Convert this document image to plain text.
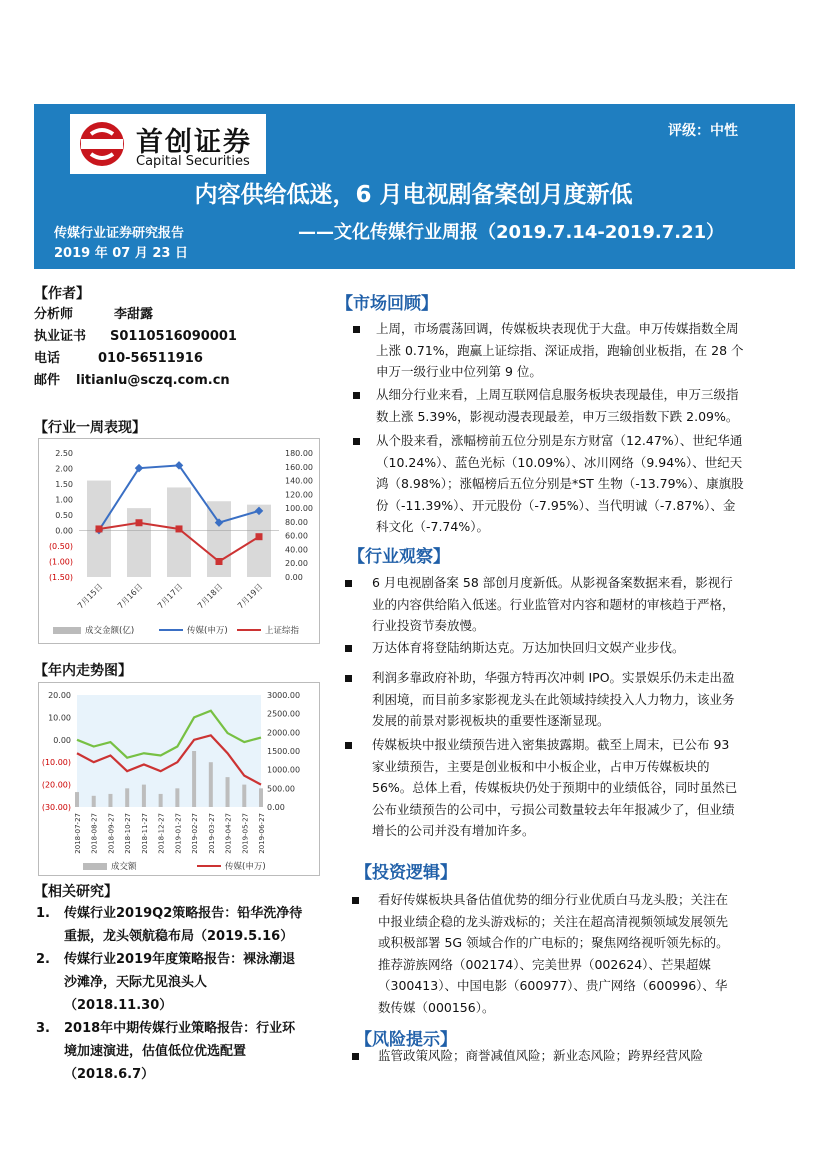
首创证券
Capital Securities
评级：中性
内容供给低迷，6 月电视剧备案创月度新低
传媒行业证券研究报告	——文化传媒行业周报（2019.7.14-2019.7.21）
2019 年 07 月 23 日
【作者】
分析师	李甜露
执业证书 S0110516090001
电话	010-56511916
邮件 litianlu@sczq.com.cn
【行业一周表现】
2.50
2.00
1.50
1.00
0.50
0.00
(0.50)
(1.00)
(1.50)
180.00
160.00
140.00
120.00
100.00
80.00
60.00
40.00
20.00
0.00
7月15日 7月16日 7月17日 7月18日 7月19日
成交金额(亿)	传媒(申万)	上证综指
【年内走势图】
20.00
10.00
0.00
(10.00)
(20.00)
(30.00)
3000.00
2500.00
2000.00
1500.00
1000.00
500.00
0.00
2018-07-27 2018-08-27 2018-09-27 2018-10-27 2018-11-27 2018-12-27 2019-01-27 2019-02-27 2019-03-27 2019-04-27 2019-05-27 2019-06-27
成交额	传媒(申万)
【相关研究】
1. 传媒行业2019Q2策略报告：铅华洗净待
重振，龙头领航稳布局（2019.5.16）
2. 传媒行业2019年度策略报告：裸泳潮退
沙滩净，天际尤见浪头人
（2018.11.30）
3. 2018年中期传媒行业策略报告：行业环
境加速演进，估值低位优选配置
（2018.6.7）
【市场回顾】
上周，市场震荡回调，传媒板块表现优于大盘。申万传媒指数全周
上涨 0.71%，跑赢上证综指、深证成指，跑输创业板指，在 28 个
申万一级行业中位列第 9 位。
从细分行业来看，上周互联网信息服务板块表现最佳，申万三级指
数上涨 5.39%，影视动漫表现最差，申万三级指数下跌 2.09%。
从个股来看，涨幅榜前五位分别是东方财富（12.47%）、世纪华通
（10.24%）、蓝色光标（10.09%）、冰川网络（9.94%）、世纪天
鸿（8.98%）；涨幅榜后五位分别是*ST 生物（-13.79%）、康旗股
份（-11.39%）、开元股份（-7.95%）、当代明诚（-7.87%）、金
科文化（-7.74%）。
【行业观察】
6 月电视剧备案 58 部创月度新低。从影视备案数据来看，影视行
业的内容供给陷入低迷。行业监管对内容和题材的审核趋于严格，
行业投资节奏放慢。
万达体育将登陆纳斯达克。万达加快回归文娱产业步伐。
利润多靠政府补助，华强方特再次冲刺 IPO。实景娱乐仍未走出盈
利困境，而目前多家影视龙头在此领域持续投入人力物力，该业务
发展的前景对影视板块的重要性逐渐显现。
传媒板块中报业绩预告进入密集披露期。截至上周末，已公布 93
家业绩预告，主要是创业板和中小板企业，占申万传媒板块的
56%。总体上看，传媒板块仍处于预期中的业绩低谷，同时虽然已
公布业绩预告的公司中，亏损公司数量较去年年报减少了，但业绩
增长的公司并没有增加许多。
【投资逻辑】
看好传媒板块具备估值优势的细分行业优质白马龙头股；关注在
中报业绩企稳的龙头游戏标的；关注在超高清视频领域发展领先
或积极部署 5G 领域合作的广电标的；聚焦网络视听领先标的。
推荐游族网络（002174）、完美世界（002624）、芒果超媒
（300413）、中国电影（600977）、贵广网络（600996）、华
数传媒（000156）。
【风险提示】
监管政策风险；商誉减值风险；新业态风险；跨界经营风险
